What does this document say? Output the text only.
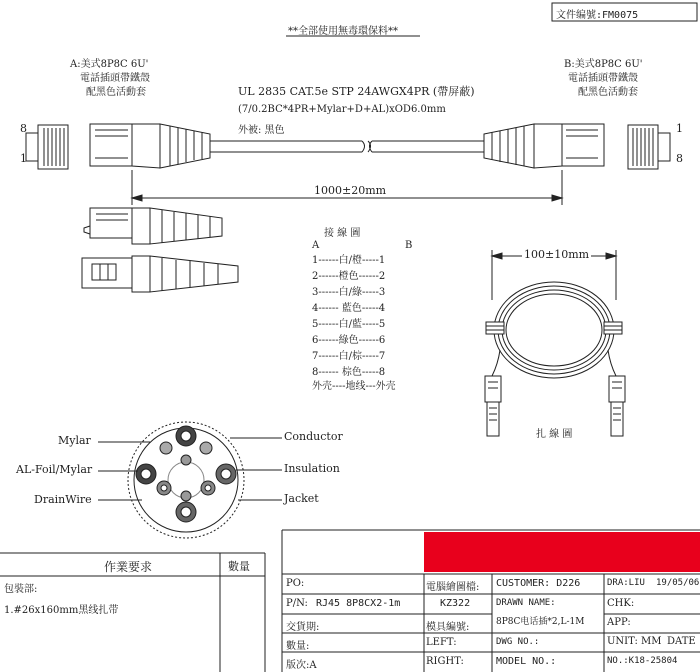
文件编號:FM0075
**全部使用無毒環保料**
A:美式8P8C 6U'
電話插頭帶鐵殼
配黑色活動套
8
1
B:美式8P8C 6U'
電話插頭帶鐵殼
配黑色活動套
1
8
UL 2835 CAT.5e STP 24AWGX4PR (帶屏蔽)
(7/0.2BC*4PR+Mylar+D+AL)xOD6.0mm
外被: 黑色
1000±20mm
接 線 圖
A	B
1------白/橙-----1
2------橙色------2
3------白/綠-----3
4------ 藍色-----4
5------白/藍-----5
6------綠色------6
7------白/棕-----7
8------ 棕色-----8
外壳----地线---外壳
100±10mm
扎 線 圖
Mylar
AL-Foil/Mylar
DrainWire
Conductor
Insulation
Jacket
作業要求	數量
包裝部:
1.#26x160mm黑线扎带
PO:
P/N: RJ45 8P8CX2-1m
交貨期:
數量:
版次:A
電腦繪圖檔:
KZ322
模具編號:
LEFT:
RIGHT:
CUSTOMER: D226
DRAWN NAME:
8P8C电话插*2,L-1M
DWG NO.:
MODEL NO.:
DRA:LIU 19/05/06
CHK:
APP:
UNIT: MM DATE
NO.:K18-25804
